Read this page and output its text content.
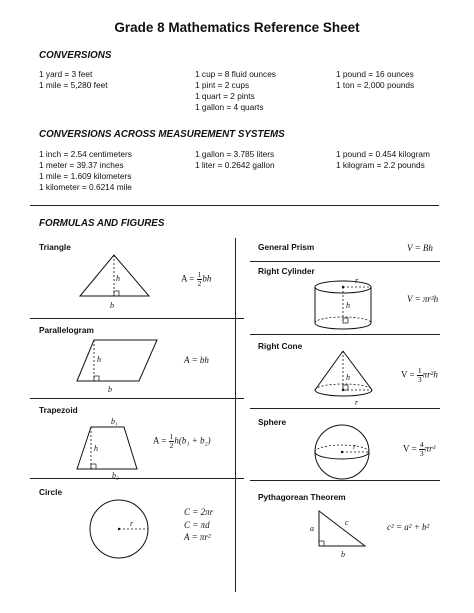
Grade 8 Mathematics Reference Sheet
CONVERSIONS
1 yard = 3 feet
1 mile = 5,280 feet
1 cup = 8 fluid ounces
1 pint = 2 cups
1 quart = 2 pints
1 gallon = 4 quarts
1 pound = 16 ounces
1 ton = 2,000 pounds
CONVERSIONS ACROSS MEASUREMENT SYSTEMS
1 inch = 2.54 centimeters
1 meter = 39.37 inches
1 mile = 1.609 kilometers
1 kilometer = 0.6214 mile
1 gallon = 3.785 liters
1 liter = 0.2642 gallon
1 pound = 0.454 kilogram
1 kilogram = 2.2 pounds
FORMULAS AND FIGURES
Triangle
h
b
$A = \frac{1}{2}$ bh
Parallelogram
h
b
A = bh
Trapezoid
h
b₁
b₂
$A = \frac{1}{2} h(b_1 + b_2)$
Circle
r
C = 2πr
C = πd
A = πr²
General Prism	V = Bh
Right Cylinder
r
h
V = πr²h
Right Cone
h
r
$V = \frac{1}{3} \pi r^2h$
Sphere
r	$V = \frac{4}{3} \pi r^3$
Pythagorean Theorem
a
c
b
c² = a² + b²
